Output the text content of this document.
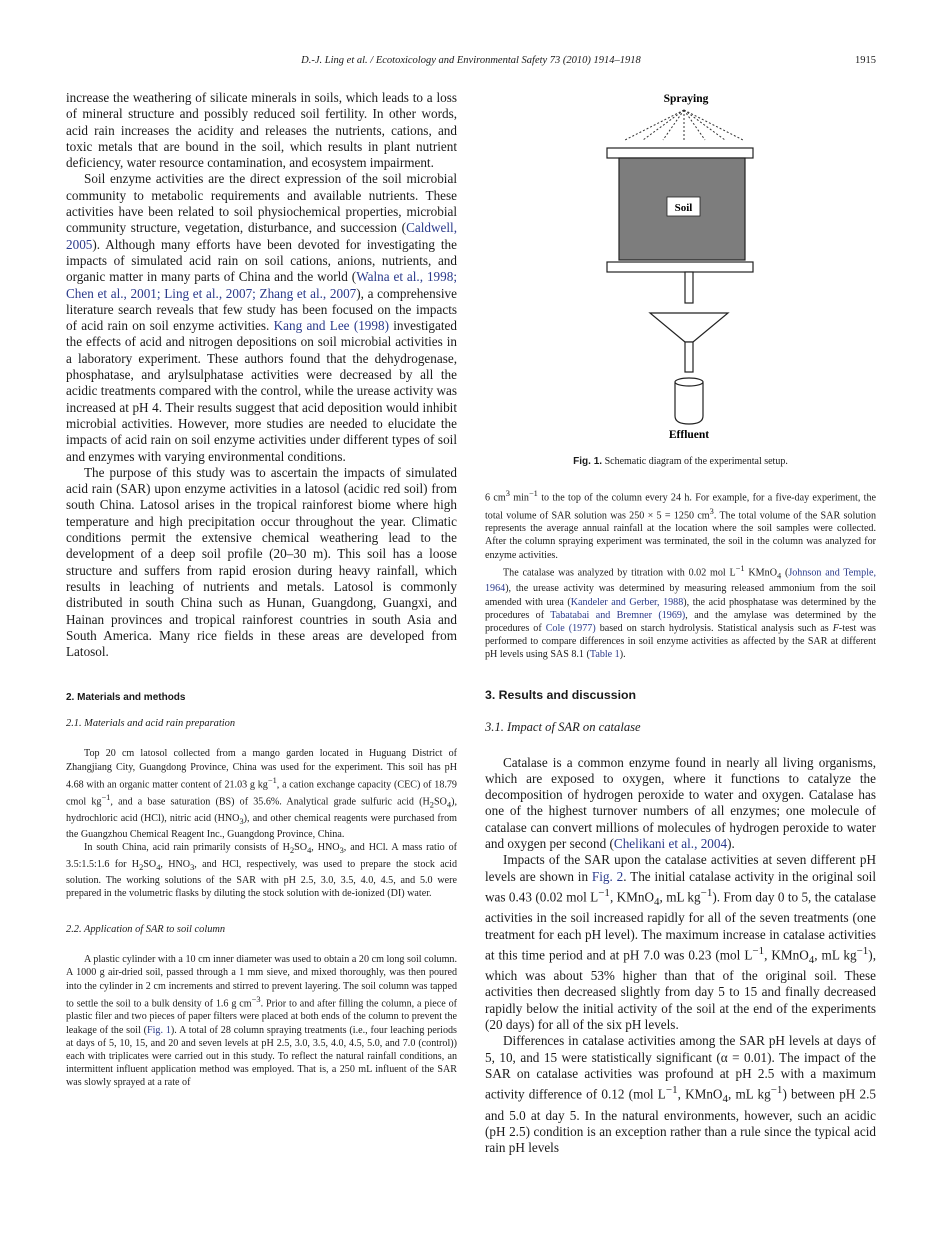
D.-J. Ling et al. / Ecotoxicology and Environmental Safety 73 (2010) 1914–1918	1915

increase the weathering of silicate minerals in soils, which leads to a loss of mineral structure and possibly reduced soil fertility. In other words, acid rain increases the acidity and releases the nutrients, cations, and toxic metals that are bound in the soil, which results in plant nutrient deficiency, water resource contamination, and ecosystem impairment.

Soil enzyme activities are the direct expression of the soil microbial community to metabolic requirements and available nutrients. These activities have been related to soil physiochemical properties, microbial community structure, vegetation, disturbance, and succession (Caldwell, 2005). Although many efforts have been devoted for investigating the impacts of simulated acid rain on soil cations, anions, nutrients, and organic matter in many parts of China and the world (Walna et al., 1998; Chen et al., 2001; Ling et al., 2007; Zhang et al., 2007), a comprehensive literature search reveals that few study has been focused on the impacts of acid rain on soil enzyme activities. Kang and Lee (1998) investigated the effects of acid and nitrogen depositions on soil microbial activities in a laboratory experiment. These authors found that the dehydrogenase, phosphatase, and arylsulphatase activities were decreased by all the acidic treatments compared with the control, while the urease activity was increased at pH 4. Their results suggest that acid deposition would inhibit microbial activities. However, more studies are needed to elucidate the impacts of acid rain on soil enzyme activities under different types of soil and enzymes with varying environmental conditions.

The purpose of this study was to ascertain the impacts of simulated acid rain (SAR) upon enzyme activities in a latosol (acidic red soil) from south China. Latosol arises in the tropical rainforest biome where high temperature and high precipitation occur throughout the year. Climatic conditions permit the extensive chemical weathering lead to the development of a deep soil profile (20–30 m). This soil has a loose structure and suffers from rapid erosion during heavy rainfall, which results in leaching of nutrients and metals. Latosol is commonly distributed in south China such as Hunan, Guangdong, Guangxi, and Hainan provinces and tropical rainforest countries in south Asia and South America. Many rice fields in these areas are developed from Latosol.

2. Materials and methods
2.1. Materials and acid rain preparation

Top 20 cm latosol collected from a mango garden located in Huguang District of Zhangjiang City, Guangdong Province, China was used for the experiment. This soil has pH 4.68 with an organic matter content of 21.03 g $kg^{-1}$, a cation exchange capacity (CEC) of 18.79 cmol $kg^{-1}$, and a base saturation (BS) of 35.6%. Analytical grade sulfuric acid $(H_2SO_4)$, hydrochloric acid (HCl), nitric acid $(HNO_3)$, and other chemical reagents were purchased from the Guangzhou Chemical Reagent Inc., Guangdong Province, China.

In south China, acid rain primarily consists of $H_2SO_4$, $HNO_3$, and HCl. A mass ratio of 3.5:1.5:1.6 for $H_2SO_4$, $HNO_3$, and HCl, respectively, was used to prepare the stock acid solution. The working solutions of the SAR with pH 2.5, 3.0, 3.5, 4.0, 4.5, and 5.0 were prepared in the volumetric flasks by diluting the stock solution with de-ionized (DI) water.

2.2. Application of SAR to soil column

A plastic cylinder with a 10 cm inner diameter was used to obtain a 20 cm long soil column. A 1000 g air-dried soil, passed through a 1 mm sieve, and mixed thoroughly, was then poured into the cylinder in 2 cm increments and stirred to prevent layering. The soil column was tapped to settle the soil to a bulk density of 1.6 g $cm^{-3}$. Prior to and after filling the column, a piece of plastic filer and two pieces of paper filters were placed at both ends of the column to prevent the leakage of the soil (Fig. 1). A total of 28 column spraying treatments (i.e., four leaching periods at days of 5, 10, 15, and 20 and seven levels at pH 2.5, 3.0, 3.5, 4.0, 4.5, 5.0, and 7.0 (control)) each with triplicates were carried out in this study. To reflect the natural rainfall conditions, an intermittent influent application method was employed. That is, a 250 mL influent of the SAR was slowly sprayed at a rate of

Spraying
Soil
Effluent
Fig. 1. Schematic diagram of the experimental setup.

6 $cm^3$ $\min^{-1}$ to the top of the column every 24 h. For example, for a five-day experiment, the total volume of SAR solution was 250 × 5 = 1250 $cm^3$. The total volume of the SAR solution represents the average annual rainfall at the location where the soil samples were collected. After the column spraying experiment was terminated, the soil in the column was analyzed for enzyme activities.

The catalase was analyzed by titration with 0.02 mol $L^{-1}$ KMnO$_4$ (Johnson and Temple, 1964), the urease activity was determined by measuring released ammonium from the soil amended with urea (Kandeler and Gerber, 1988), the acid phosphatase was determined by the procedures of Tabatabai and Bremner (1969), and the amylase was determined by the procedures of Cole (1977) based on starch hydrolysis. Statistical analysis such as F-test was performed to compare differences in soil enzyme activities as affected by the SAR at different pH levels using SAS 8.1 (Table 1).

3. Results and discussion
3.1. Impact of SAR on catalase

Catalase is a common enzyme found in nearly all living organisms, which are exposed to oxygen, where it functions to catalyze the decomposition of hydrogen peroxide to water and oxygen. Catalase has one of the highest turnover numbers of all enzymes; one molecule of catalase can convert millions of molecules of hydrogen peroxide to water and oxygen per second (Chelikani et al., 2004).

Impacts of the SAR upon the catalase activities at seven different pH levels are shown in Fig. 2. The initial catalase activity in the original soil was 0.43 (0.02 mol $L^{-1}$, KMnO$_4$, mL $kg^{-1}$). From day 0 to 5, the catalase activities in the soil increased rapidly for all of the seven treatments (one treatment for each pH level). The maximum increase in catalase activities at this time period and at pH 7.0 was 0.23 (mol $L^{-1}$, KMnO$_4$, mL $kg^{-1}$), which was about 53% higher than that of the original soil. These activities then decreased slightly from day 5 to 15 and finally decreased rapidly below the initial activity of the soil at the end of the experiments (20 days) for all of the six pH levels.

Differences in catalase activities among the SAR pH levels at days of 5, 10, and 15 were statistically significant (α = 0.01). The impact of the SAR on catalase activities was profound at pH 2.5 with a maximum activity difference of 0.12 (mol $L^{-1}$, KMnO$_4$, mL $kg^{-1}$) between pH 2.5 and 5.0 at day 5. In the natural environments, however, such an acidic (pH 2.5) condition is an exception rather than a rule since the typical acid rain pH levels
